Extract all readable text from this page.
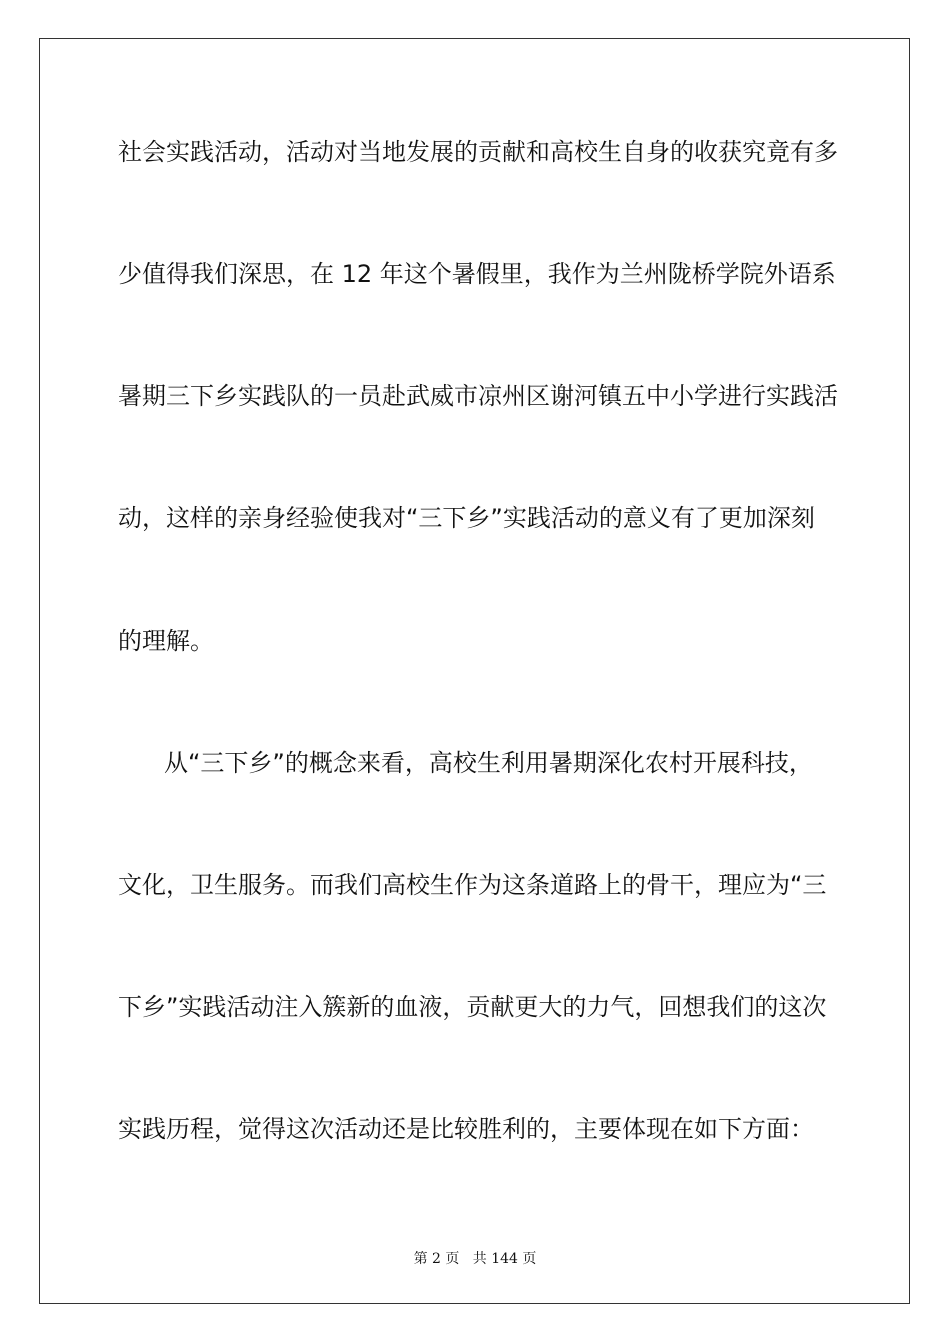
社会实践活动，活动对当地发展的贡献和高校生自身的收获究竟有多
少值得我们深思，在 12 年这个暑假里，我作为兰州陇桥学院外语系
暑期三下乡实践队的一员赴武威市凉州区谢河镇五中小学进行实践活
动，这样的亲身经验使我对“三下乡”实践活动的意义有了更加深刻
的理解。
从“三下乡”的概念来看，高校生利用暑期深化农村开展科技，
文化，卫生服务。而我们高校生作为这条道路上的骨干，理应为“三
下乡”实践活动注入簇新的血液，贡献更大的力气，回想我们的这次
实践历程，觉得这次活动还是比较胜利的，主要体现在如下方面：
第 2 页 共 144 页
